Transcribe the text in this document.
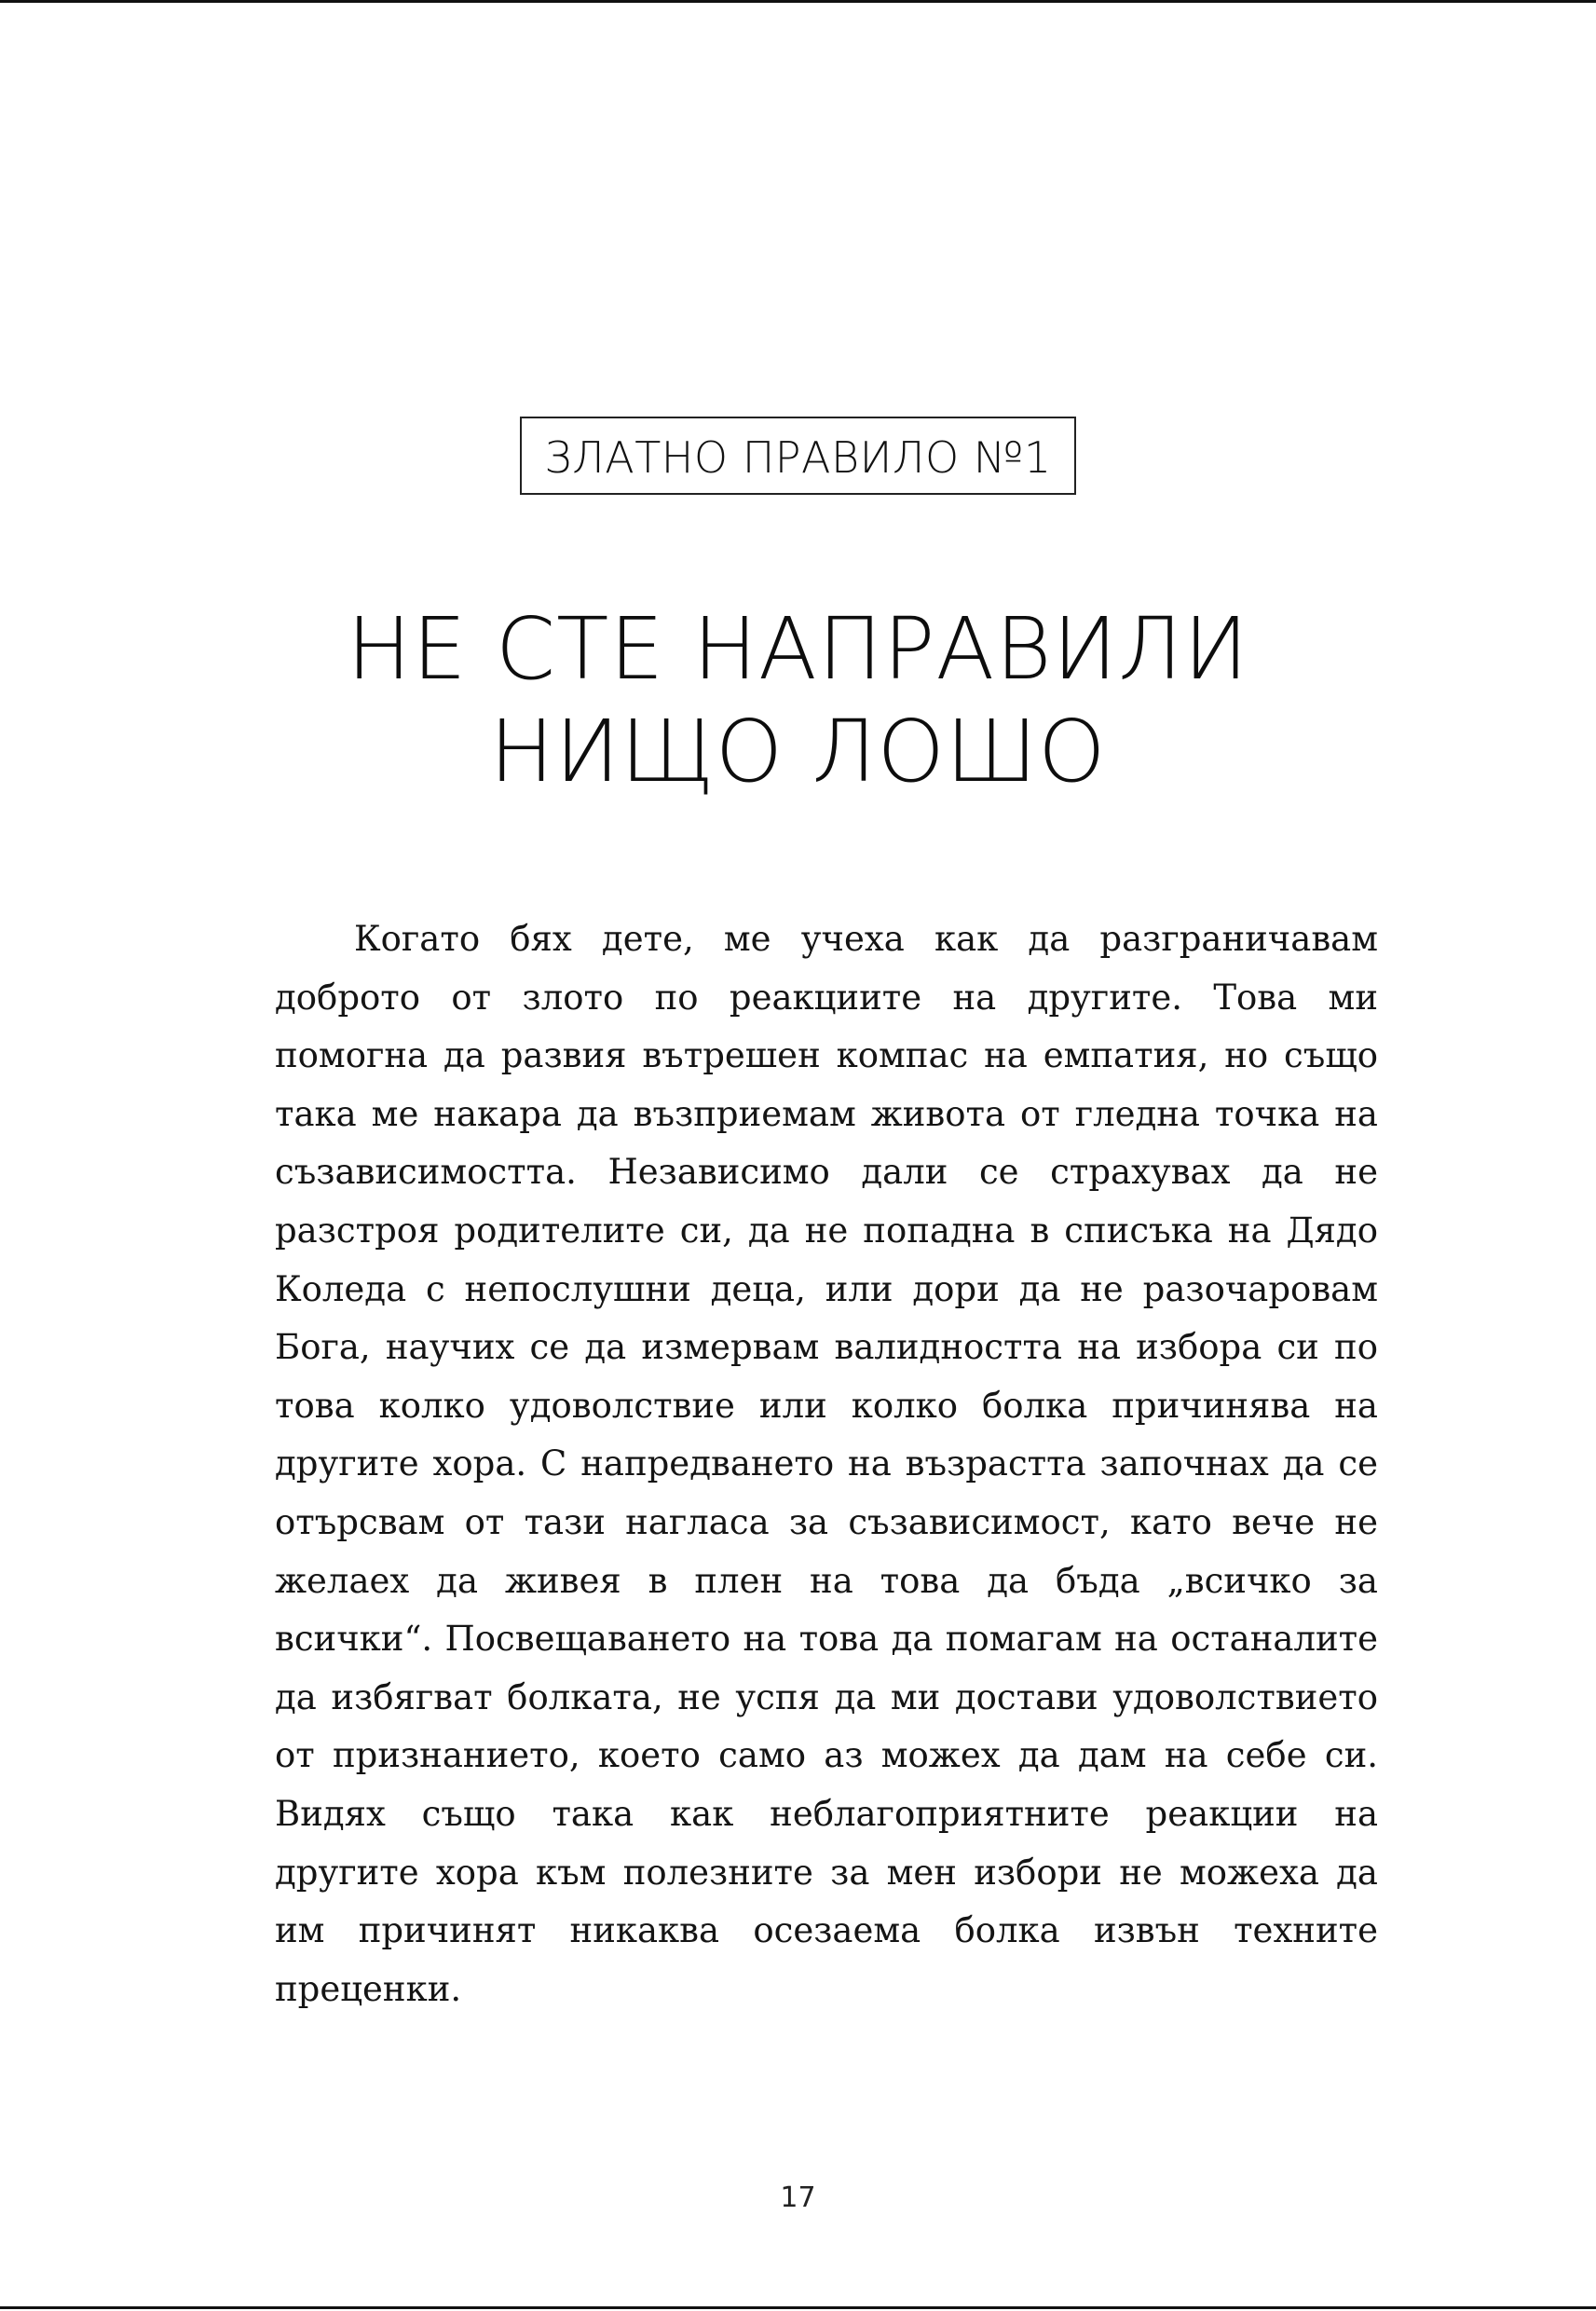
ЗЛАТНО ПРАВИЛО №1
НЕ СТЕ НАПРАВИЛИ
НИЩО ЛОШО

Когато бях дете, ме учеха как да разграничавам доброто от злото по реакциите на другите. Това ми помогна да развия вътрешен компас на емпатия, но също така ме накара да възприемам живота от гледна точка на съзависимостта. Независимо дали се страхувах да не разстроя родителите си, да не попадна в списъка на Дядо Коледа с непослушни деца, или дори да не разочаровам Бога, научих се да измервам валидността на избора си по това колко удоволствие или колко болка причинява на другите хора. С напредването на възрастта започнах да се отърсвам от тази нагласа за съзависимост, като вече не желаех да живея в плен на това да бъда „всичко за всички“. Посвещаването на това да помагам на останалите да избягват болката, не успя да ми достави удоволствието от признанието, което само аз можех да дам на себе си. Видях също така как неблагоприятните реакции на другите хора към полезните за мен избори не можеха да им причинят никаква осезаема болка извън техните преценки.

17
